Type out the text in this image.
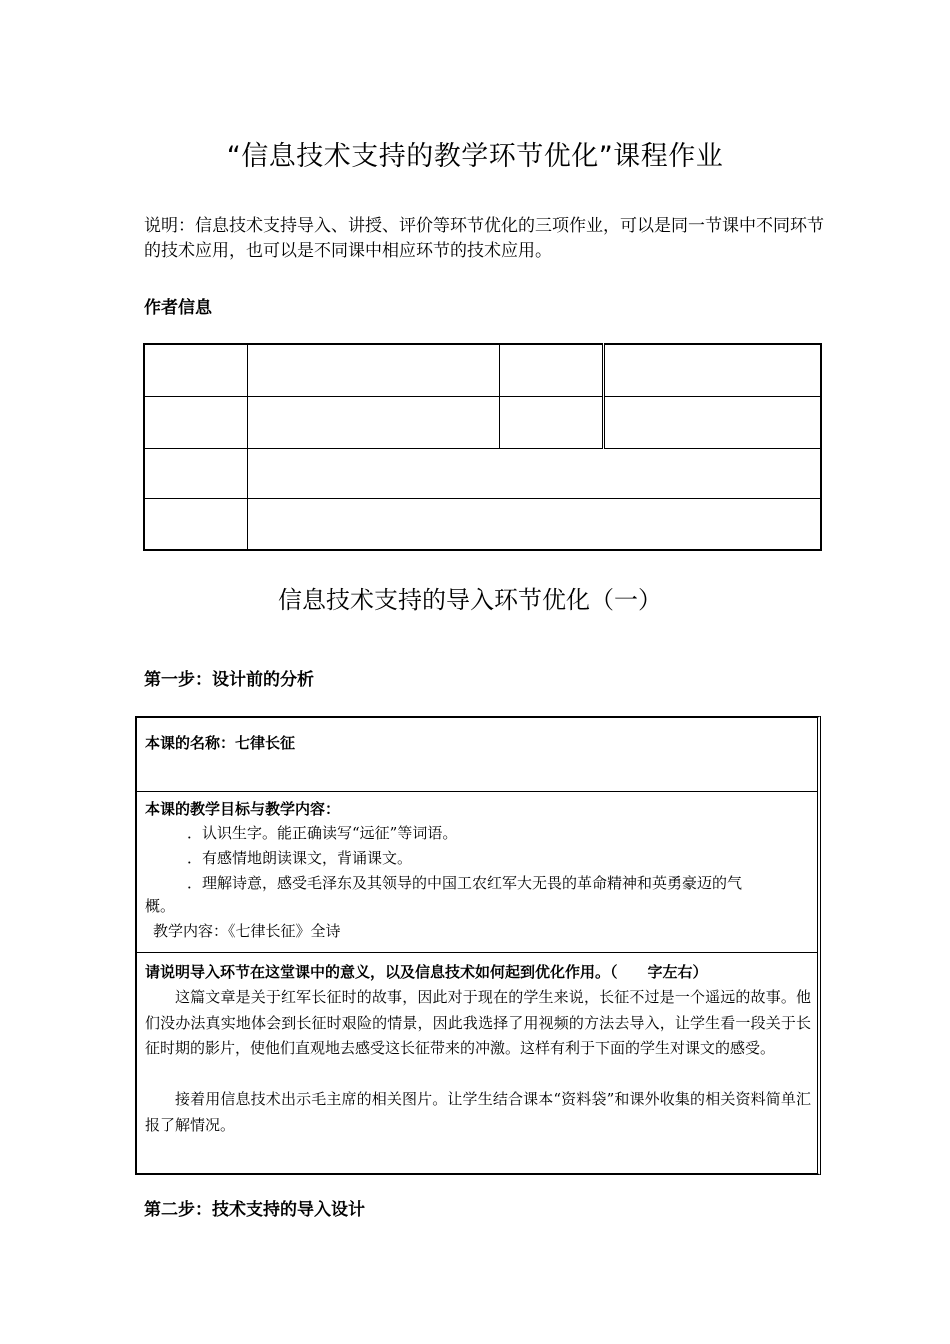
“信息技术支持的教学环节优化”课程作业
说明：信息技术支持导入、讲授、评价等环节优化的三项作业，可以是同一节课中不同环节的技术应用，也可以是不同课中相应环节的技术应用。
作者信息

信息技术支持的导入环节优化（一）
第一步：设计前的分析
本课的名称：七律长征
本课的教学目标与教学内容：
．认识生字。能正确读写“远征”等词语。
．有感情地朗读课文，背诵课文。
．理解诗意，感受毛泽东及其领导的中国工农红军大无畏的革命精神和英勇豪迈的气
概。
教学内容：《七律长征》全诗
请说明导入环节在这堂课中的意义，以及信息技术如何起到优化作用。（　　字左右）
这篇文章是关于红军长征时的故事，因此对于现在的学生来说，长征不过是一个遥远的故事。他们没办法真实地体会到长征时艰险的情景，因此我选择了用视频的方法去导入，让学生看一段关于长征时期的影片，使他们直观地去感受这长征带来的冲激。这样有利于下面的学生对课文的感受。
接着用信息技术出示毛主席的相关图片。让学生结合课本“资料袋”和课外收集的相关资料简单汇报了解情况。
第二步：技术支持的导入设计
